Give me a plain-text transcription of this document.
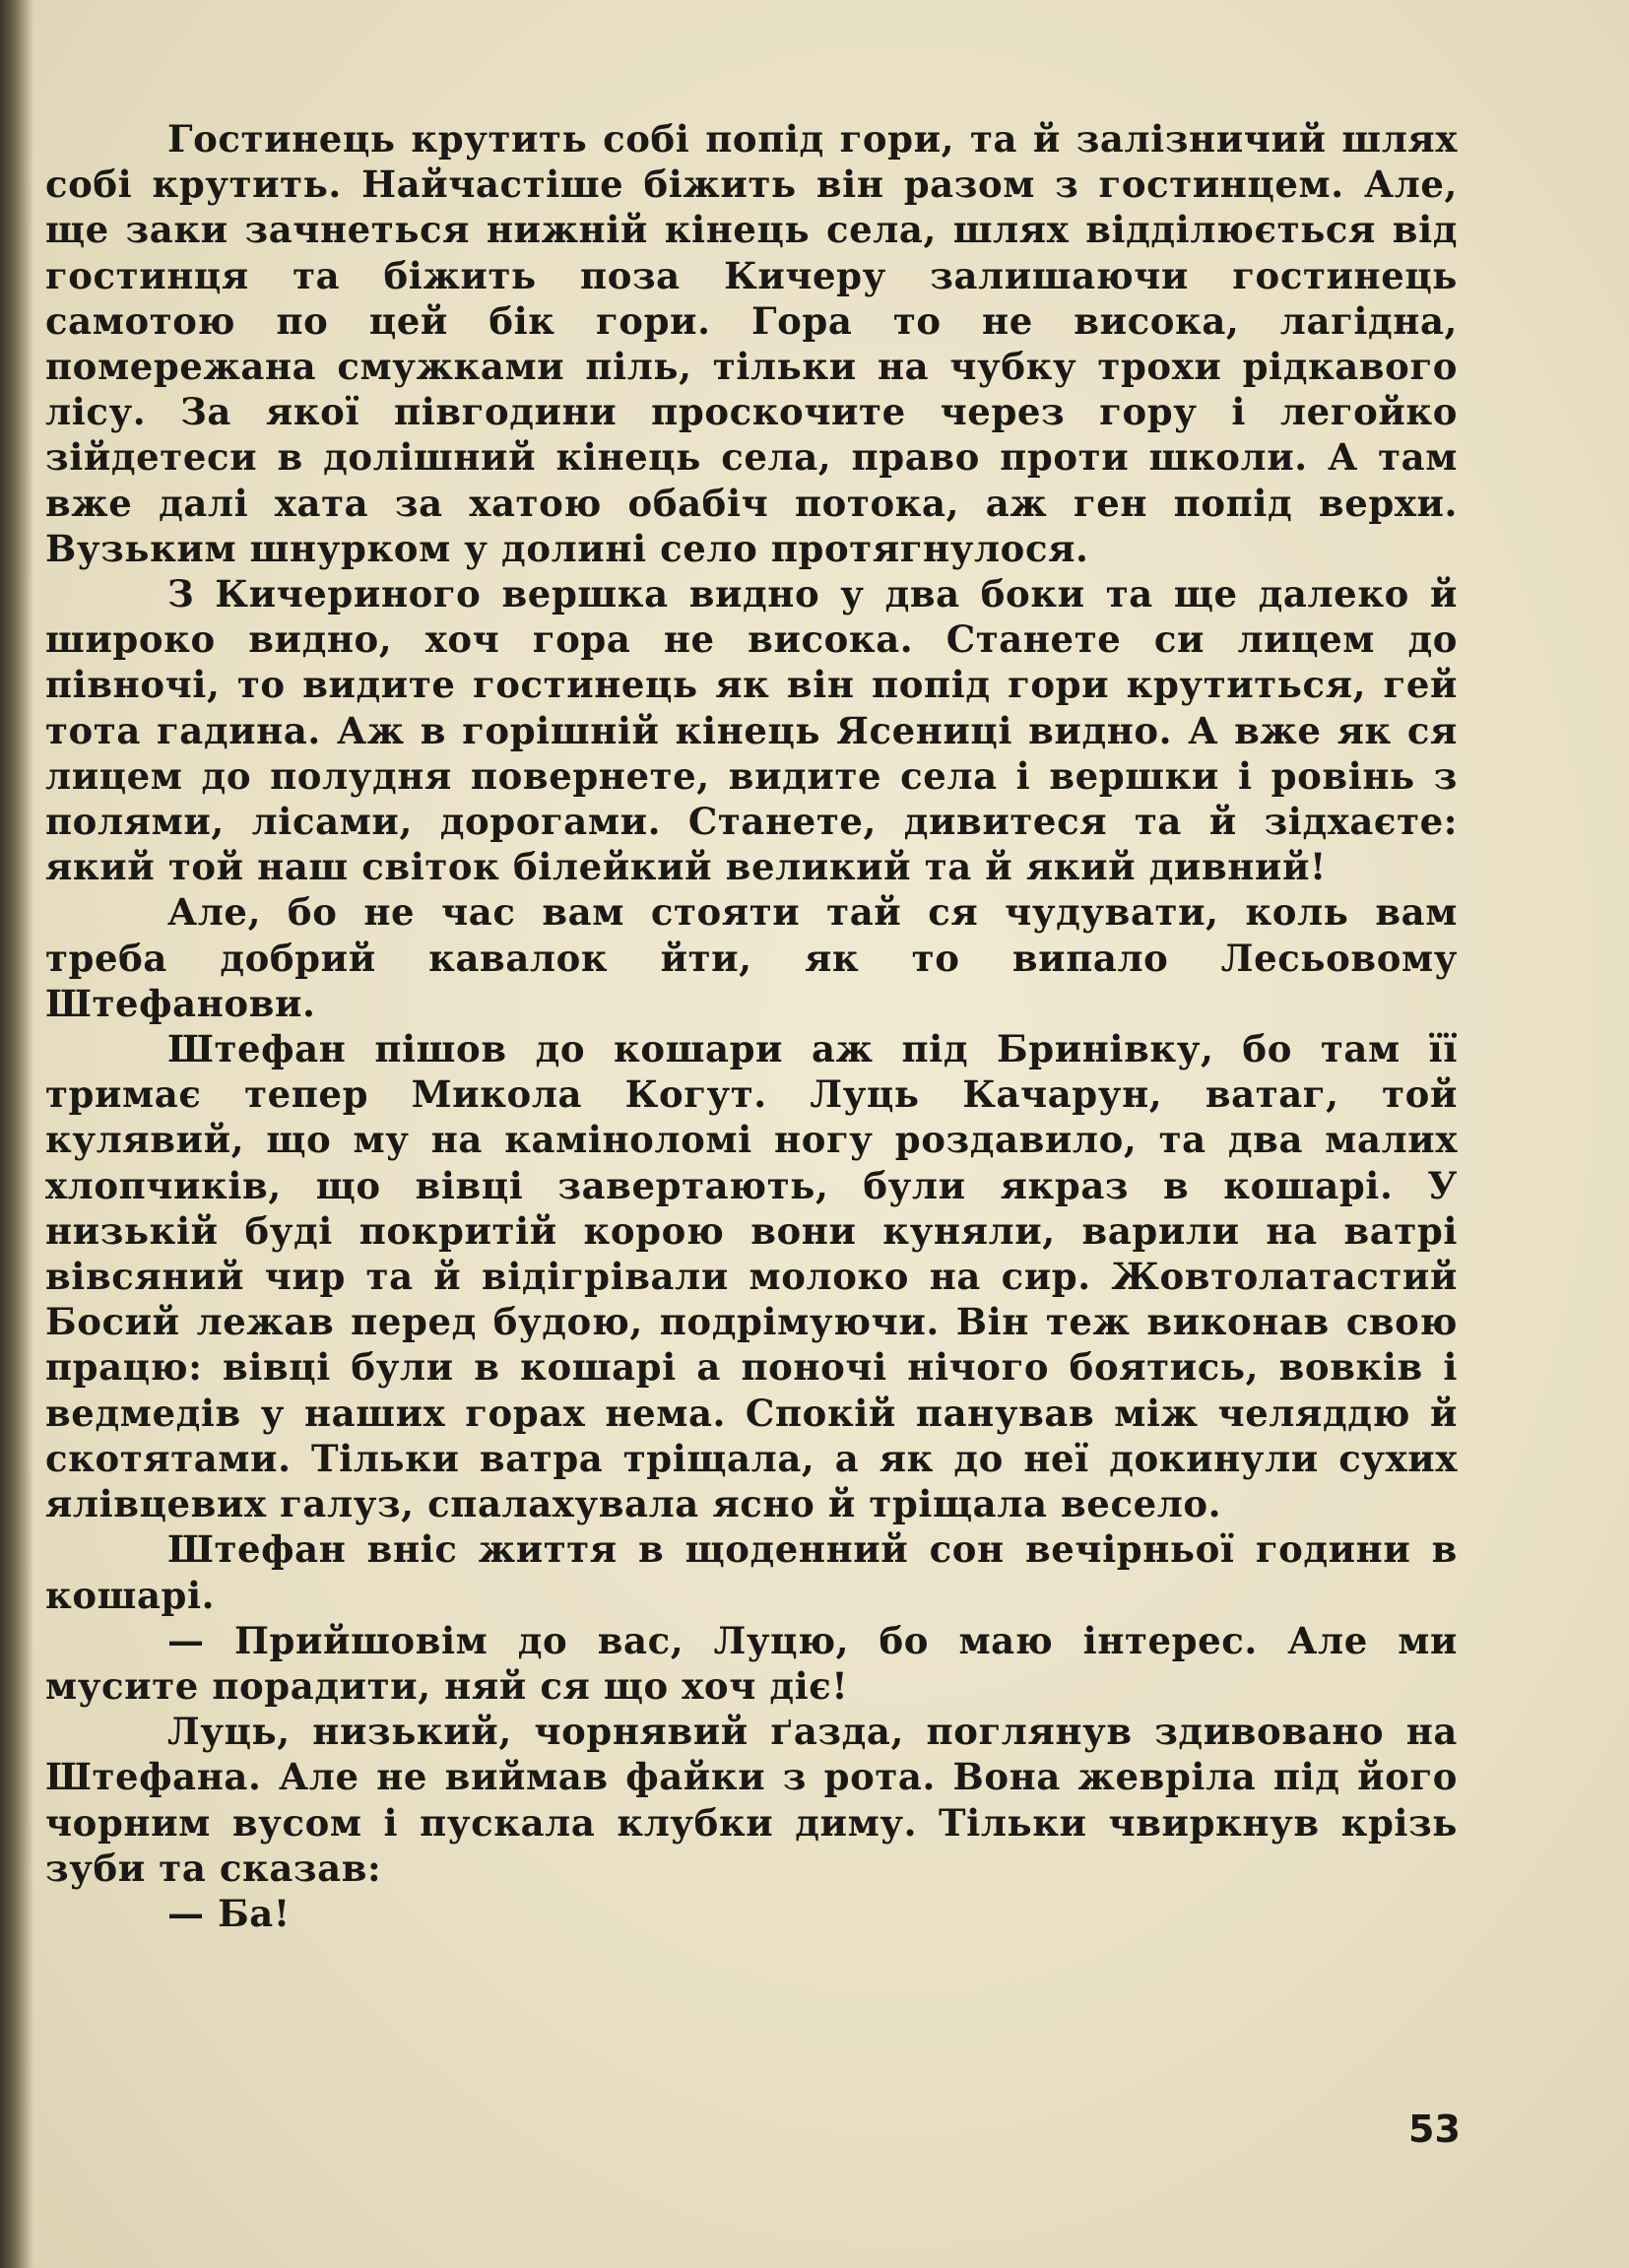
Гостинець крутить собі попід гори, та й залізничий шлях собі крутить. Найчастіше біжить він разом з гостинцем. Але, ще заки зачнеться нижній кінець села, шлях відділюється від гостинця та біжить поза Кичеру залишаючи гостинець самотою по цей бік гори. Гора то не висока, лагідна, помережана смужками піль, тільки на чубку трохи рідкавого лісу. За якої півгодини проскочите через гору і легойко зійдетеси в долішний кінець села, право проти школи. А там вже далі хата за хатою обабіч потока, аж ген попід верхи. Вузьким шнурком у долині село протягнулося.

З Кичериного вершка видно у два боки та ще далеко й широко видно, хоч гора не висока. Станете си лицем до півночі, то видите гостинець як він попід гори крутиться, гей тота гадина. Аж в горішній кінець Ясениці видно. А вже як ся лицем до полудня повернете, видите села і вершки і ровінь з полями, лісами, дорогами. Станете, дивитеся та й зідхаєте: який той наш світок білейкий великий та й який дивний!

Але, бо не час вам стояти тай ся чудувати, коль вам треба добрий кавалок йти, як то випало Лесьовому Штефанови.

Штефан пішов до кошари аж під Бринівку, бо там її тримає тепер Микола Когут. Луць Качарун, ватаг, той кулявий, що му на каміноломі ногу роздавило, та два малих хлопчиків, що вівці завертають, були якраз в кошарі. У низькій буді покритій корою вони куняли, варили на ватрі вівсяний чир та й відігрівали молоко на сир. Жовтолатастий Босий лежав перед будою, подрімуючи. Він теж виконав свою працю: вівці були в кошарі а поночі нічого боятись, вовків і ведмедів у наших горах нема. Спокій панував між челяддю й скотятами. Тільки ватра тріщала, а як до неї докинули сухих ялівцевих галуз, спалахувала ясно й тріщала весело.

Штефан вніс життя в щоденний сон вечірньої години в кошарі.

— Прийшовім до вас, Луцю, бо маю інтерес. Але ми мусите порадити, няй ся що хоч діє!

Луць, низький, чорнявий ґазда, поглянув здивовано на Штефана. Але не виймав файки з рота. Вона жевріла під його чорним вусом і пускала клубки диму. Тільки чвиркнув крізь зуби та сказав:

— Ба!

53
